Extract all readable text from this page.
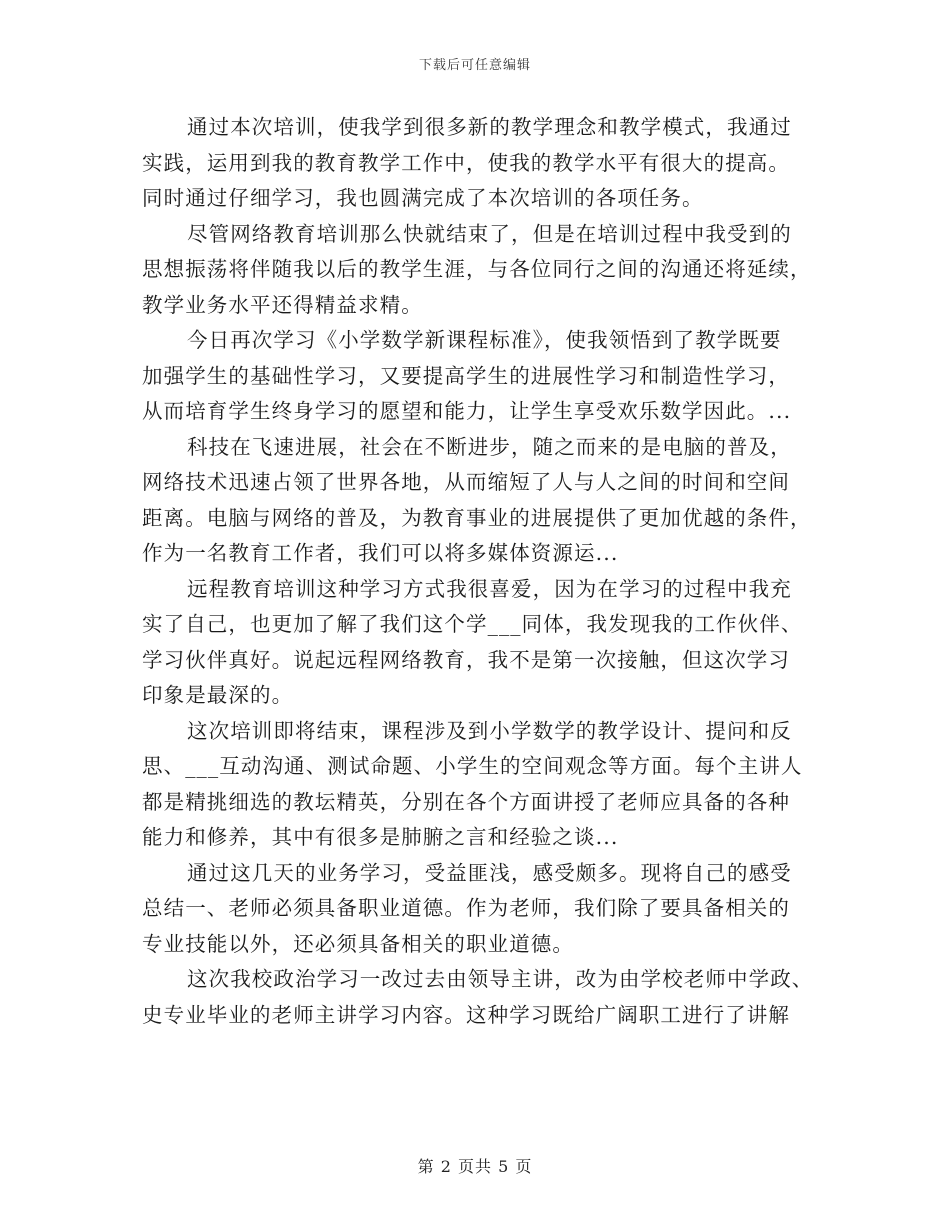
下载后可任意编辑

通过本次培训，使我学到很多新的教学理念和教学模式，我通过
实践，运用到我的教育教学工作中，使我的教学水平有很大的提高。
同时通过仔细学习，我也圆满完成了本次培训的各项任务。

尽管网络教育培训那么快就结束了，但是在培训过程中我受到的
思想振荡将伴随我以后的教学生涯，与各位同行之间的沟通还将延续，
教学业务水平还得精益求精。

今日再次学习《小学数学新课程标准》，使我领悟到了教学既要
加强学生的基础性学习，又要提高学生的进展性学习和制造性学习，
从而培育学生终身学习的愿望和能力，让学生享受欢乐数学因此。...

科技在飞速进展，社会在不断进步，随之而来的是电脑的普及，
网络技术迅速占领了世界各地，从而缩短了人与人之间的时间和空间
距离。电脑与网络的普及，为教育事业的进展提供了更加优越的条件，
作为一名教育工作者，我们可以将多媒体资源运...

远程教育培训这种学习方式我很喜爱，因为在学习的过程中我充
实了自己，也更加了解了我们这个学___同体，我发现我的工作伙伴、
学习伙伴真好。说起远程网络教育，我不是第一次接触，但这次学习
印象是最深的。

这次培训即将结束，课程涉及到小学数学的教学设计、提问和反
思、___互动沟通、测试命题、小学生的空间观念等方面。每个主讲人
都是精挑细选的教坛精英，分别在各个方面讲授了老师应具备的各种
能力和修养，其中有很多是肺腑之言和经验之谈...

通过这几天的业务学习，受益匪浅，感受颇多。现将自己的感受
总结一、老师必须具备职业道德。作为老师，我们除了要具备相关的
专业技能以外，还必须具备相关的职业道德。

这次我校政治学习一改过去由领导主讲，改为由学校老师中学政、
史专业毕业的老师主讲学习内容。这种学习既给广阔职工进行了讲解

第 2 页共 5 页
